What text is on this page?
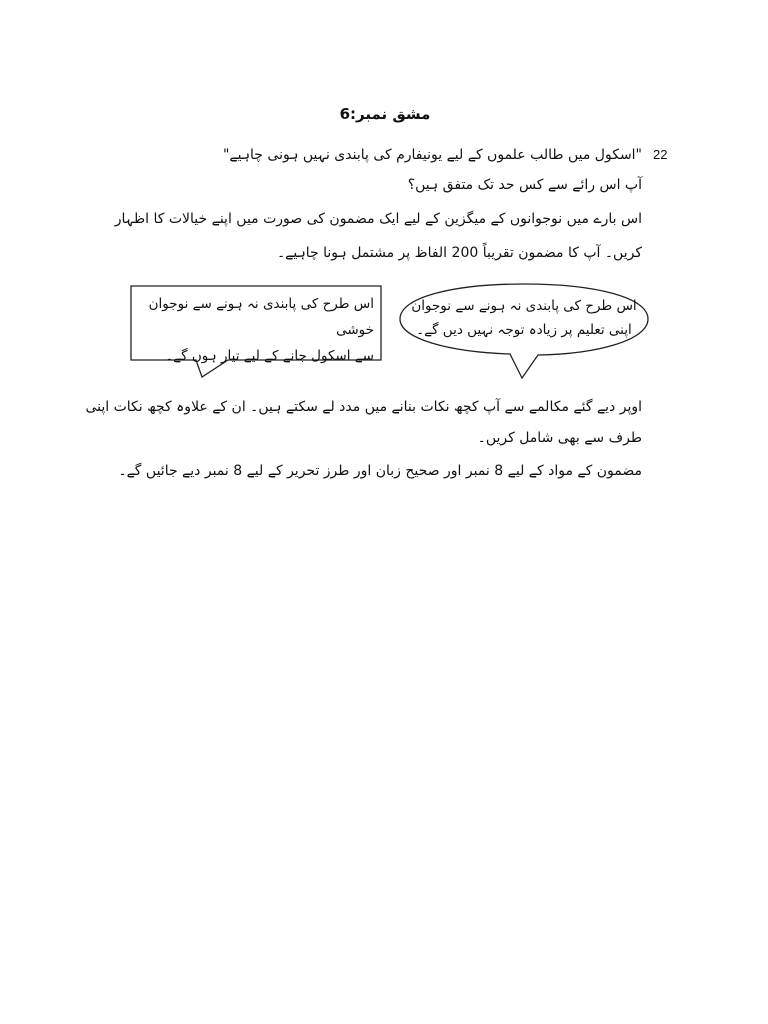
مشق نمبر:6
22
"اسکول میں طالب علموں کے لیے یونیفارم کی پابندی نہیں ہونی چاہیے"
آپ اس رائے سے کس حد تک متفق ہیں؟
اس بارے میں نوجوانوں کے میگزین کے لیے ایک مضمون کی صورت میں اپنے خیالات کا اظہار
کریں۔ آپ کا مضمون تقریباً 200 الفاظ پر مشتمل ہونا چاہیے۔
اس طرح کی پابندی نہ ہونے سے نوجوان
اپنی تعلیم پر زیادہ توجہ نہیں دیں گے۔
اس طرح کی پابندی نہ ہونے سے نوجوان خوشی
سے اسکول جانے کے لیے تیار ہوں گے۔
اوپر دیے گئے مکالمے سے آپ کچھ نکات بنانے میں مدد لے سکتے ہیں۔ ان کے علاوہ کچھ نکات اپنی
طرف سے بھی شامل کریں۔
مضمون کے مواد کے لیے 8 نمبر اور صحیح زبان اور طرز تحریر کے لیے 8 نمبر دیے جائیں گے۔
